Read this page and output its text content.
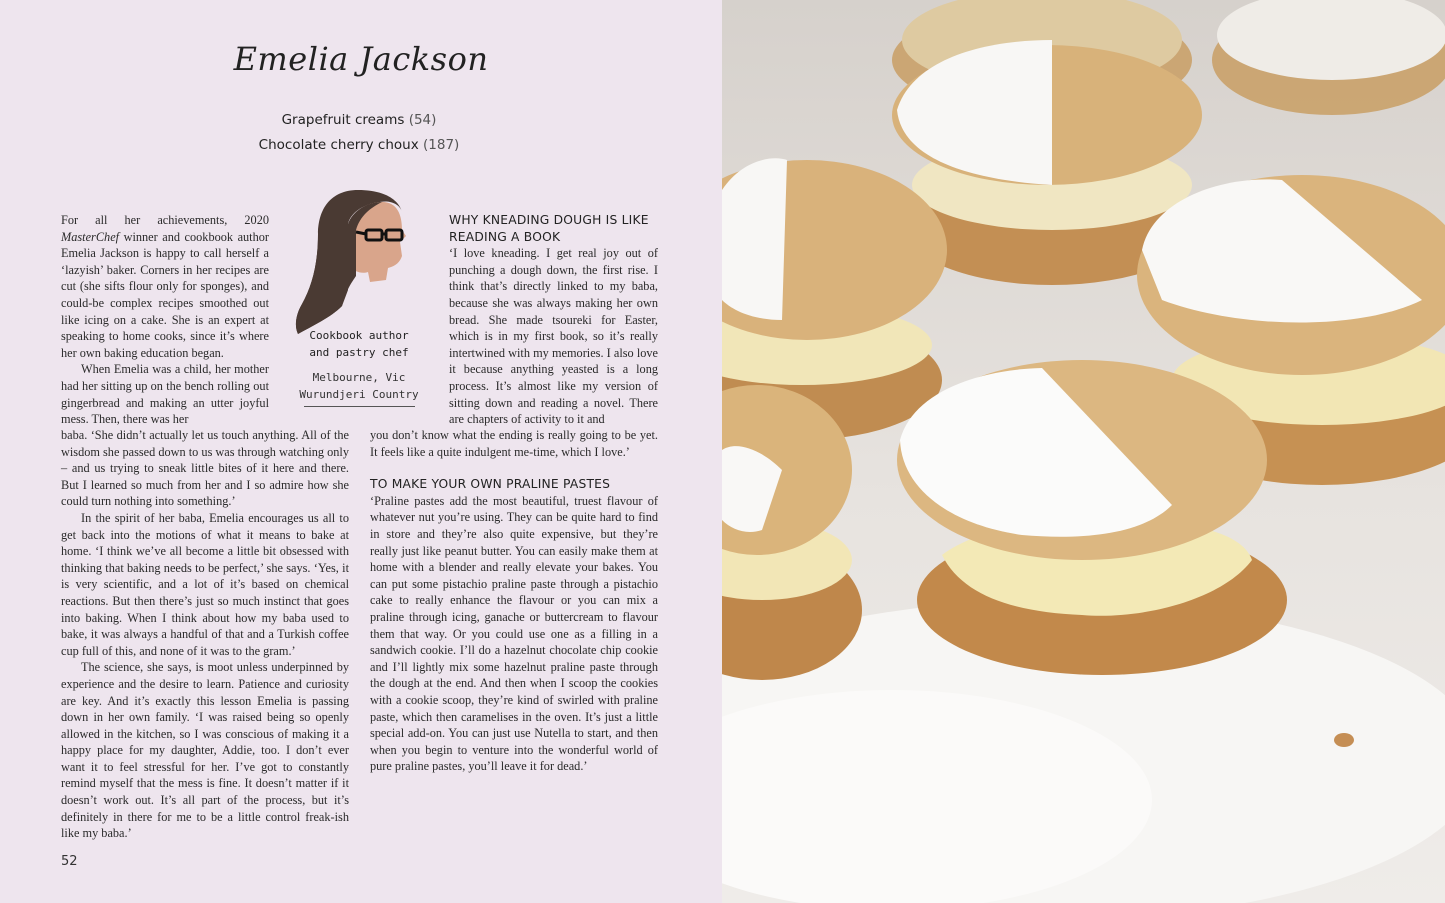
Emelia Jackson
Grapefruit creams (54)
Chocolate cherry choux (187)

For all her achievements, 2020 MasterChef winner and cookbook author Emelia Jackson is happy to call herself a ‘lazyish’ baker. Corners in her recipes are cut (she sifts flour only for sponges), and could-be complex recipes smoothed out like icing on a cake. She is an expert at speaking to home cooks, since it’s where her own baking education began.

When Emelia was a child, her mother had her sitting up on the bench rolling out gingerbread and making an utter joyful mess. Then, there was her

baba. ‘She didn’t actually let us touch anything. All of the wisdom she passed down to us was through watching only – and us trying to sneak little bites of it here and there. But I learned so much from her and I so admire how she could turn nothing into something.’

In the spirit of her baba, Emelia encourages us all to get back into the motions of what it means to bake at home. ‘I think we’ve all become a little bit obsessed with thinking that baking needs to be perfect,’ she says. ‘Yes, it is very scientific, and a lot of it’s based on chemical reactions. But then there’s just so much instinct that goes into baking. When I think about how my baba used to bake, it was always a handful of that and a Turkish coffee cup full of this, and none of it was to the gram.’

The science, she says, is moot unless underpinned by experience and the desire to learn. Patience and curiosity are key. And it’s exactly this lesson Emelia is passing down in her own family. ‘I was raised being so openly allowed in the kitchen, so I was conscious of making it a happy place for my daughter, Addie, too. I don’t ever want it to feel stressful for her. I’ve got to constantly remind myself that the mess is fine. It doesn’t matter if it doesn’t work out. It’s all part of the process, but it’s definitely in there for me to be a little control freak-ish like my baba.’

Cookbook author
and pastry chef
Melbourne, Vic
Wurundjeri Country
WHY KNEADING DOUGH IS LIKE
READING A BOOK

‘I love kneading. I get real joy out of punching a dough down, the first rise. I think that’s directly linked to my baba, because she was always making her own bread. She made tsoureki for Easter, which is in my first book, so it’s really intertwined with my memories. I also love it because anything yeasted is a long process. It’s almost like my version of sitting down and reading a novel. There are chapters of activity to it and

you don’t know what the ending is really going to be yet. It feels like a quite indulgent me-time, which I love.’

TO MAKE YOUR OWN PRALINE PASTES

‘Praline pastes add the most beautiful, truest flavour of whatever nut you’re using. They can be quite hard to find in store and they’re also quite expensive, but they’re really just like peanut butter. You can easily make them at home with a blender and really elevate your bakes. You can put some pistachio praline paste through a pistachio cake to really enhance the flavour or you can mix a praline through icing, ganache or buttercream to flavour them that way. Or you could use one as a filling in a sandwich cookie. I’ll do a hazelnut chocolate chip cookie and I’ll lightly mix some hazelnut praline paste through the dough at the end. And then when I scoop the cookies with a cookie scoop, they’re kind of swirled with praline paste, which then caramelises in the oven. It’s just a little special add-on. You can just use Nutella to start, and then when you begin to venture into the wonderful world of pure praline pastes, you’ll leave it for dead.’

52
